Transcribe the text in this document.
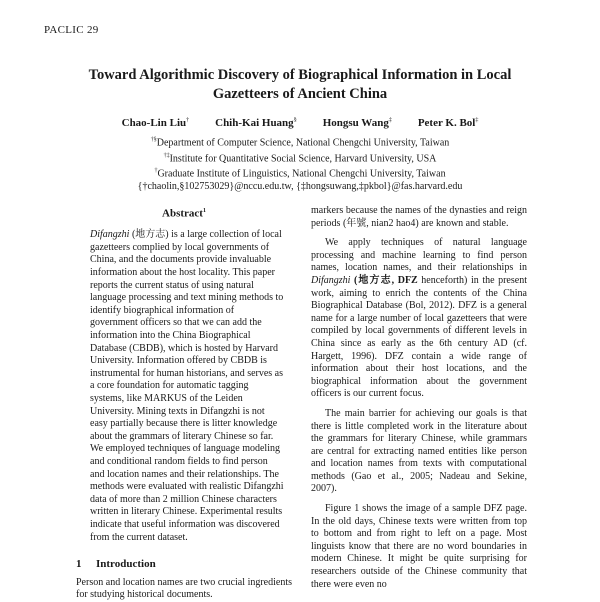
PACLIC 29
Toward Algorithmic Discovery of Biographical Information in Local
Gazetteers of Ancient China
Chao-Lin Liu† Chih-Kai Huang§ Hongsu Wang‡ Peter K. Bol‡
†§Department of Computer Science, National Chengchi University, Taiwan
†‡Institute for Quantitative Social Science, Harvard University, USA
†Graduate Institute of Linguistics, National Chengchi University, Taiwan
{†chaolin,§102753029}@nccu.edu.tw, {‡hongsuwang,‡pkbol}@fas.harvard.edu
Abstract$^1$

Difangzhi (地方志) is a large collection of local gazetteers complied by local governments of China, and the documents provide invaluable information about the host locality. This paper reports the current status of using natural language processing and text mining methods to identify biographical information of government officers so that we can add the information into the China Biographical Database (CBDB), which is hosted by Harvard University. Information offered by CBDB is instrumental for human historians, and serves as a core foundation for automatic tagging systems, like MARKUS of the Leiden University. Mining texts in Difangzhi is not easy partially because there is litter knowledge about the grammars of literary Chinese so far. We employed techniques of language modeling and conditional random fields to find person and location names and their relationships. The methods were evaluated with realistic Difangzhi data of more than 2 million Chinese characters written in literary Chinese. Experimental results indicate that useful information was discovered from the current dataset.

1 Introduction

Person and location names are two crucial ingredients for studying historical documents.

markers because the names of the dynasties and reign periods (年號, nian2 hao4) are known and stable.

We apply techniques of natural language processing and machine learning to find person names, location names, and their relationships in Difangzhi (地方志, DFZ henceforth) in the present work, aiming to enrich the contents of the China Biographical Database (Bol, 2012). DFZ is a general name for a large number of local gazetteers that were compiled by local governments of different levels in China since as early as the 6th century AD (cf. Hargett, 1996). DFZ contain a wide range of information about their host locations, and the biographical information about the government officers is our current focus.

The main barrier for achieving our goals is that there is little completed work in the literature about the grammars for literary Chinese, while grammars are central for extracting named entities like person and location names from texts with computational methods (Gao et al., 2005; Nadeau and Sekine, 2007).

Figure 1 shows the image of a sample DFZ page. In the old days, Chinese texts were written from top to bottom and from right to left on a page. Most linguists know that there are no word boundaries in modern Chinese. It might be quite surprising for researchers outside of the Chinese community that there were even no
